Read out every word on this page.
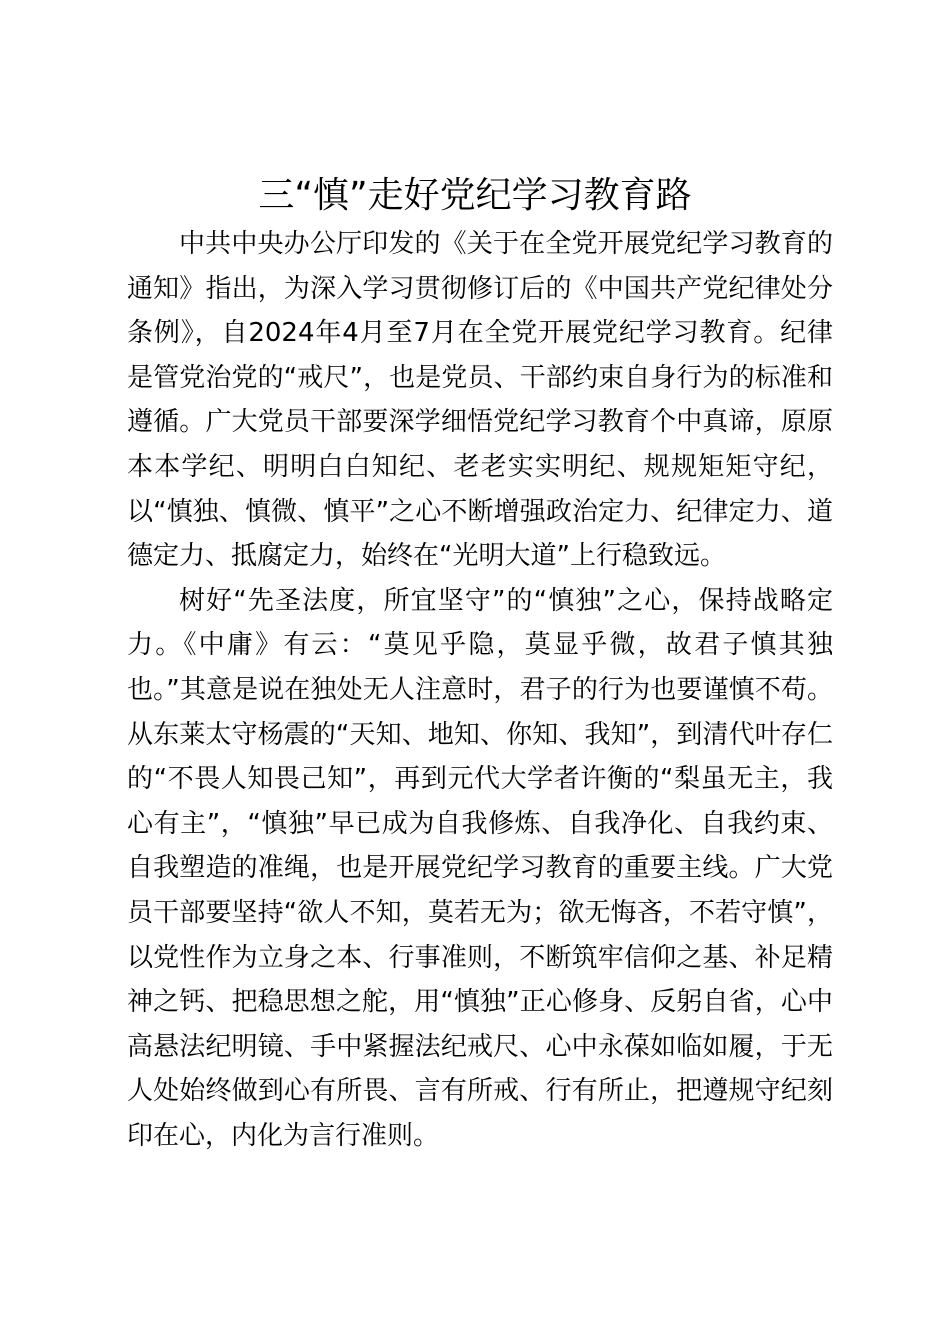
三“慎”走好党纪学习教育路

中共中央办公厅印发的《关于在全党开展党纪学习教育的通知》指出，为深入学习贯彻修订后的《中国共产党纪律处分条例》，自2024年4月至7月在全党开展党纪学习教育。纪律是管党治党的“戒尺”，也是党员、干部约束自身行为的标准和遵循。广大党员干部要深学细悟党纪学习教育个中真谛，原原本本学纪、明明白白知纪、老老实实明纪、规规矩矩守纪，以“慎独、慎微、慎平”之心不断增强政治定力、纪律定力、道德定力、抵腐定力，始终在“光明大道”上行稳致远。

树好“先圣法度，所宜坚守”的“慎独”之心，保持战略定力。《中庸》有云：“莫见乎隐，莫显乎微，故君子慎其独也。”其意是说在独处无人注意时，君子的行为也要谨慎不苟。从东莱太守杨震的“天知、地知、你知、我知”，到清代叶存仁的“不畏人知畏己知”，再到元代大学者许衡的“梨虽无主，我心有主”，“慎独”早已成为自我修炼、自我净化、自我约束、自我塑造的准绳，也是开展党纪学习教育的重要主线。广大党员干部要坚持“欲人不知，莫若无为；欲无悔吝，不若守慎”，以党性作为立身之本、行事准则，不断筑牢信仰之基、补足精神之钙、把稳思想之舵，用“慎独”正心修身、反躬自省，心中高悬法纪明镜、手中紧握法纪戒尺、心中永葆如临如履，于无人处始终做到心有所畏、言有所戒、行有所止，把遵规守纪刻印在心，内化为言行准则。
